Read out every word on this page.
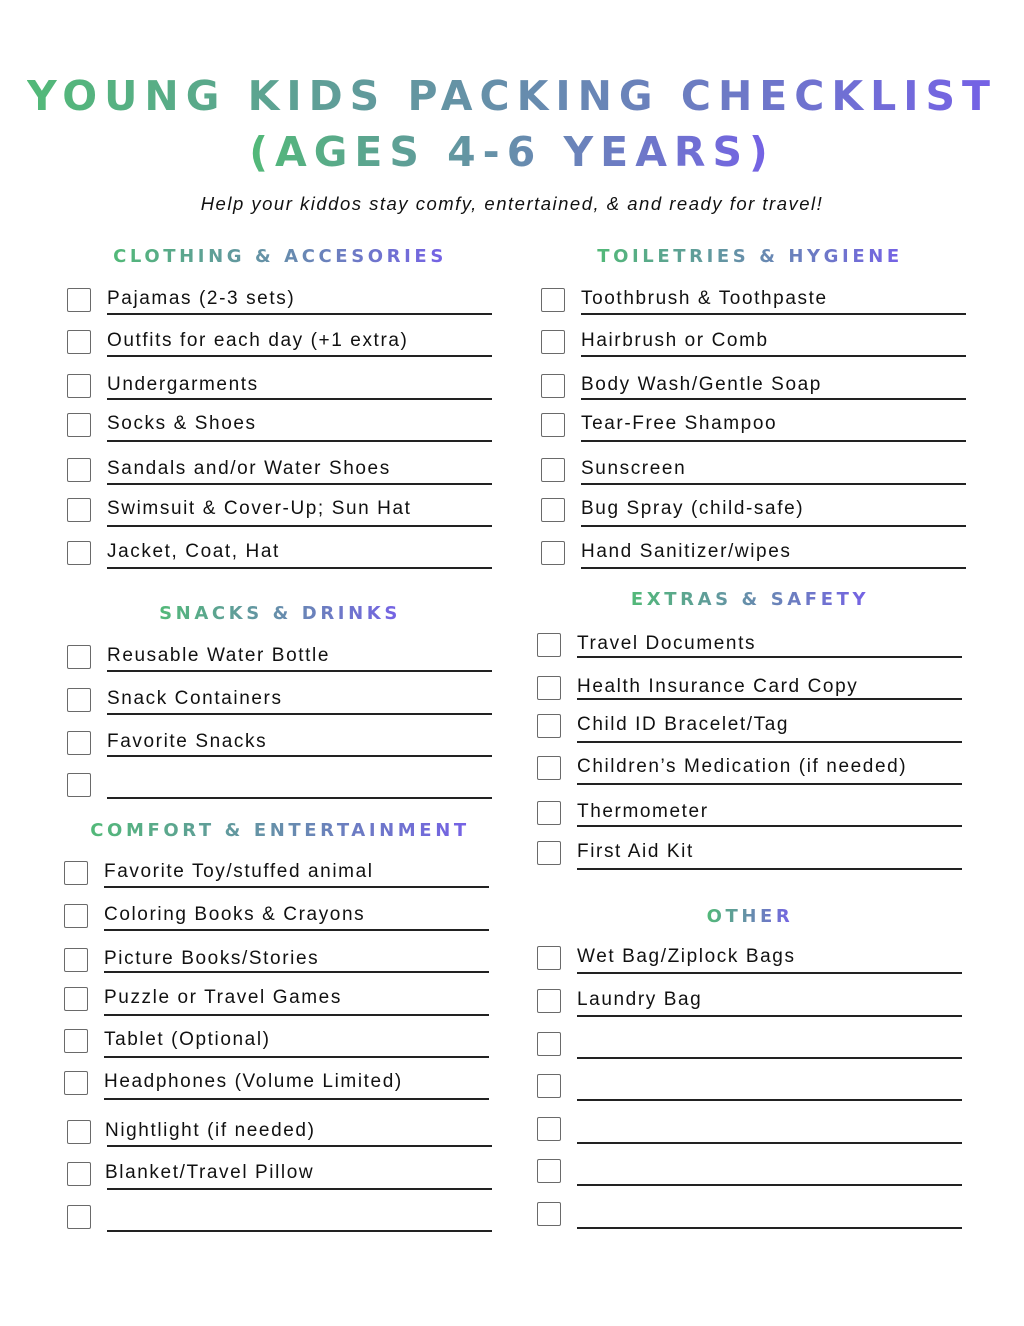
YOUNG KIDS PACKING CHECKLIST
(AGES 4-6 YEARS)
Help your kiddos stay comfy, entertained, & and ready for travel!
CLOTHING & ACCESORIES
Pajamas (2-3 sets)
Outfits for each day (+1 extra)
Undergarments
Socks & Shoes
Sandals and/or Water Shoes
Swimsuit & Cover-Up; Sun Hat
Jacket, Coat, Hat
SNACKS & DRINKS
Reusable Water Bottle
Snack Containers
Favorite Snacks
COMFORT & ENTERTAINMENT
Favorite Toy/stuffed animal
Coloring Books & Crayons
Picture Books/Stories
Puzzle or Travel Games
Tablet (Optional)
Headphones (Volume Limited)
Nightlight (if needed)
Blanket/Travel Pillow
TOILETRIES & HYGIENE
Toothbrush & Toothpaste
Hairbrush or Comb
Body Wash/Gentle Soap
Tear-Free Shampoo
Sunscreen
Bug Spray (child-safe)
Hand Sanitizer/wipes
EXTRAS & SAFETY
Travel Documents
Health Insurance Card Copy
Child ID Bracelet/Tag
Children’s Medication (if needed)
Thermometer
First Aid Kit
OTHER
Wet Bag/Ziplock Bags
Laundry Bag
